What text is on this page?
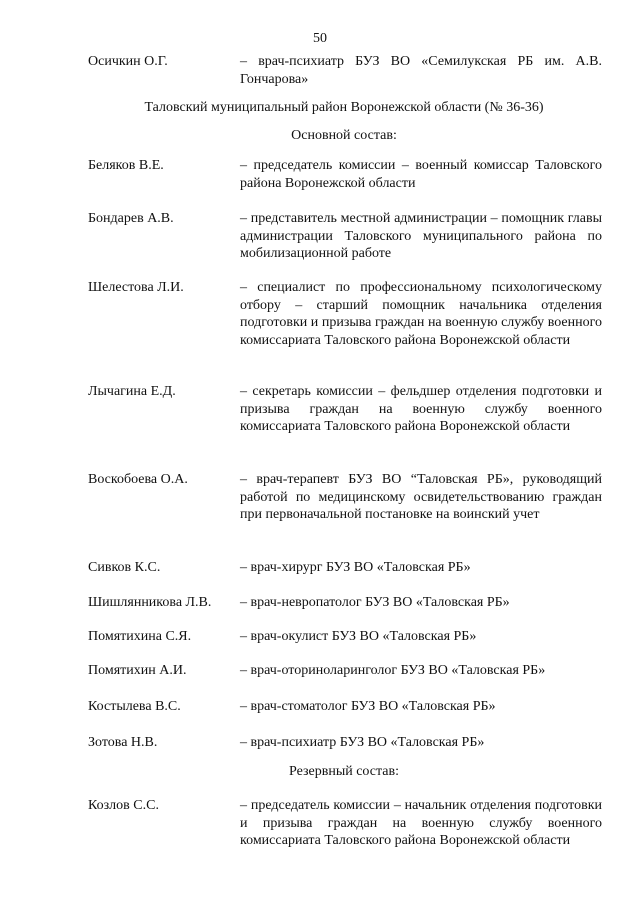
50
Осичкин О.Г.	– врач-психиатр БУЗ ВО «Семилукская РБ им. А.В. Гончарова»
Таловский муниципальный район Воронежской области (№ 36-36)
Основной состав:
Беляков В.Е.	– председатель комиссии – военный комиссар Таловского района Воронежской области
Бондарев А.В.	– представитель местной администрации – помощник главы администрации Таловского муниципального района по мобилизационной работе
Шелестова Л.И.	– специалист по профессиональному психологическому отбору – старший помощник начальника отделения подготовки и призыва граждан на военную службу военного комиссариата Таловского района Воронежской области
Лычагина Е.Д.	– секретарь комиссии – фельдшер отделения подготовки и призыва граждан на военную службу военного комиссариата Таловского района Воронежской области
Воскобоева О.А.	– врач-терапевт БУЗ ВО “Таловская РБ», руководящий работой по медицинскому освидетельствованию граждан при первоначальной постановке на воинский учет
Сивков К.С.	– врач-хирург БУЗ ВО «Таловская РБ»
Шишлянникова Л.В.	– врач-невропатолог БУЗ ВО «Таловская РБ»
Помятихина С.Я.	– врач-окулист БУЗ ВО «Таловская РБ»
Помятихин А.И.	– врач-оториноларинголог БУЗ ВО «Таловская РБ»
Костылева В.С.	– врач-стоматолог БУЗ ВО «Таловская РБ»
Зотова Н.В.	– врач-психиатр БУЗ ВО «Таловская РБ»
Резервный состав:
Козлов С.С.	– председатель комиссии – начальник отделения подготовки и призыва граждан на военную службу военного комиссариата Таловского района Воронежской области
